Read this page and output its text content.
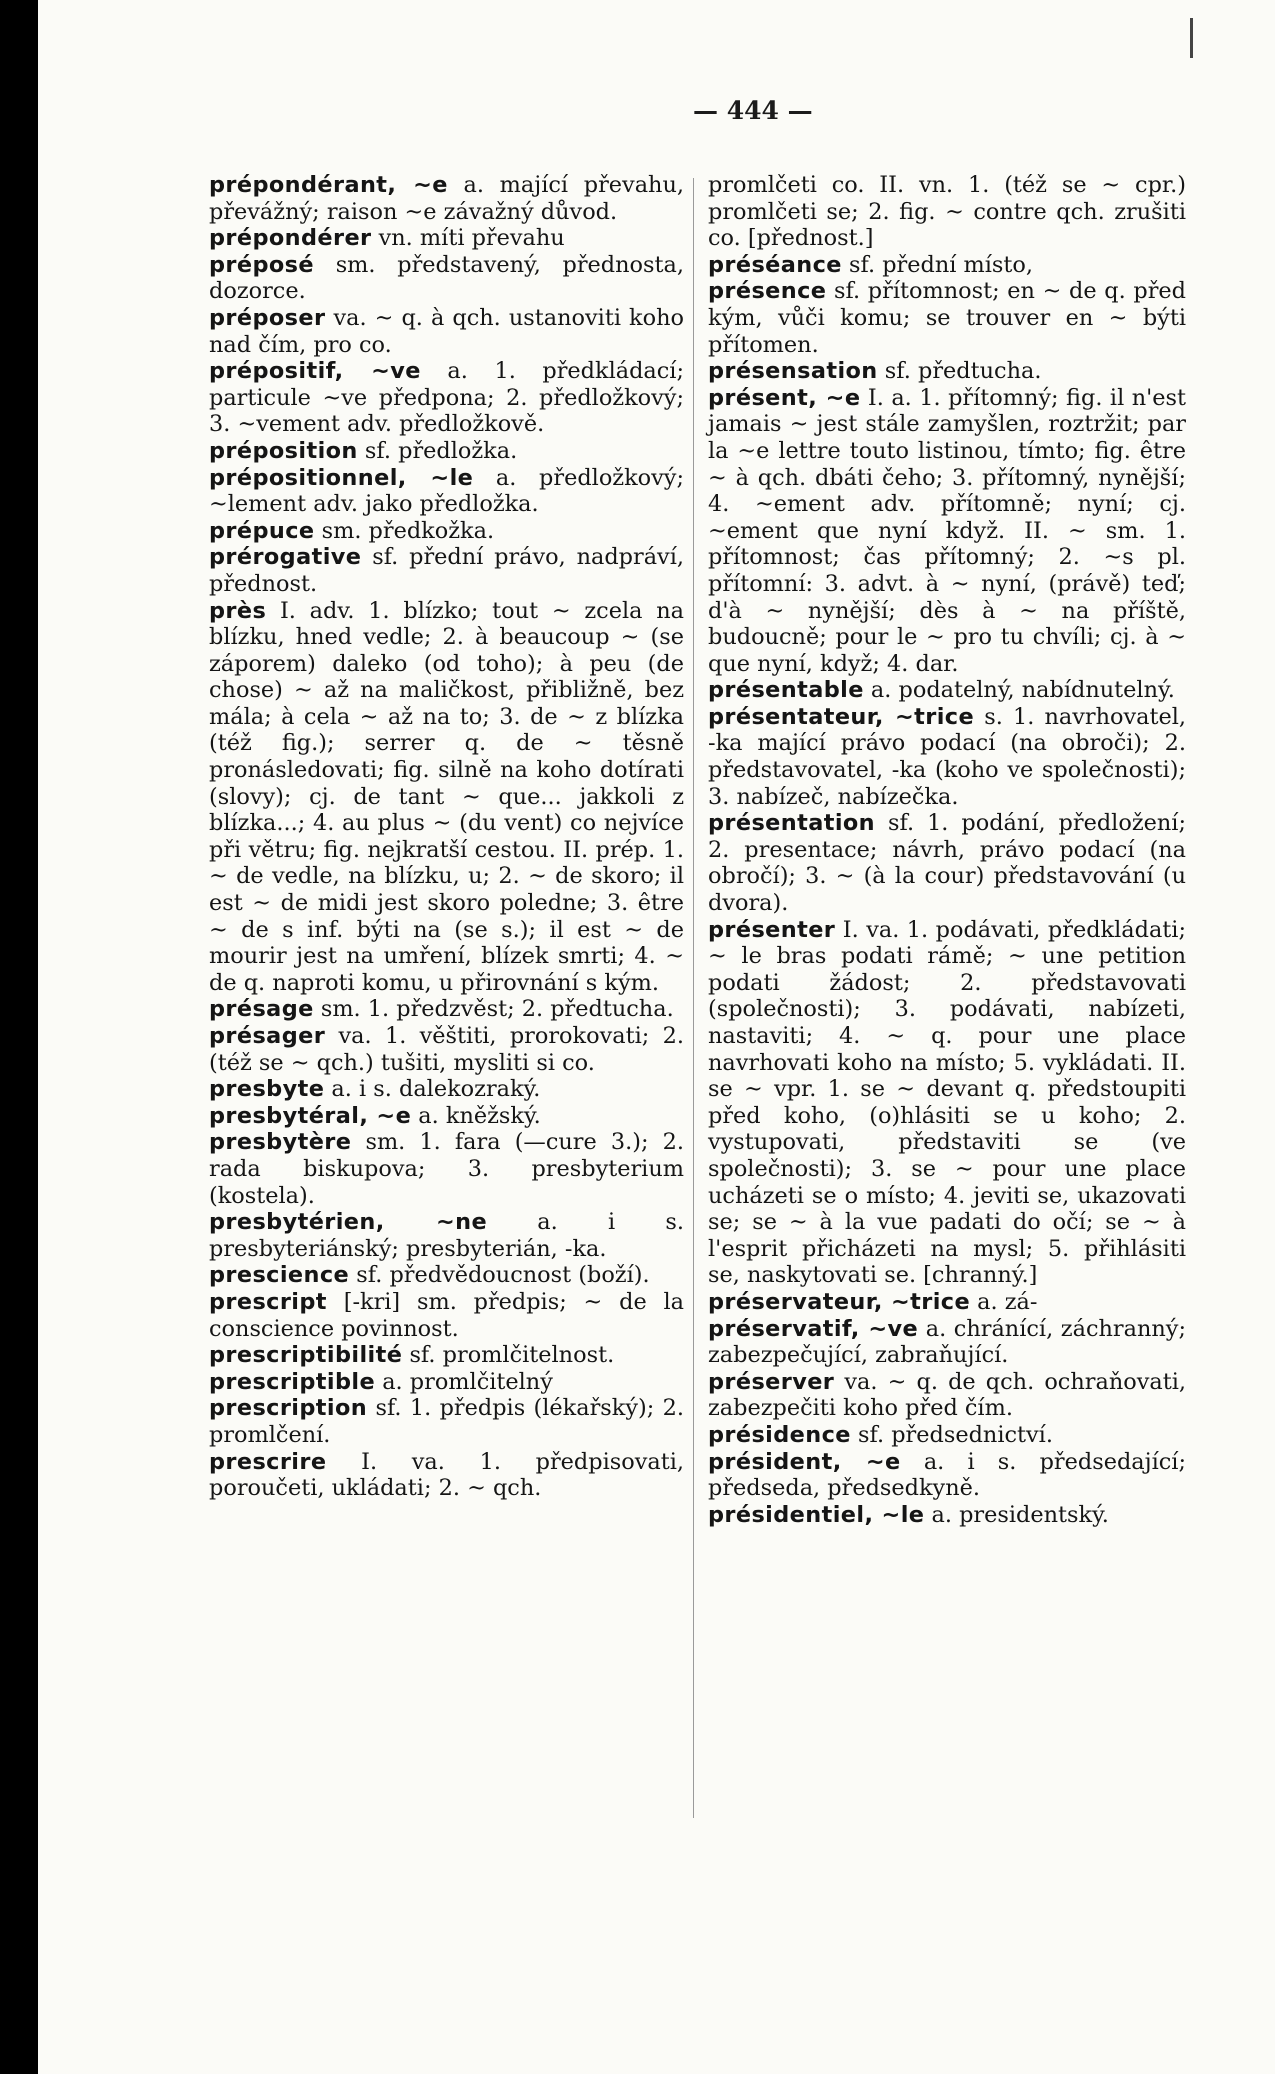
— 444 —

prépondérant, ~e a. mající převahu, převážný; raison ~e závažný důvod.

prépondérer vn. míti převahu

préposé sm. představený, přednosta, dozorce.

préposer va. ~ q. à qch. ustanoviti koho nad čím, pro co.

prépositif, ~ve a. 1. předkládací; particule ~ve předpona; 2. předložkový; 3. ~vement adv. předložkově.

préposition sf. předložka.

prépositionnel, ~le a. předložkový; ~lement adv. jako předložka.

prépuce sm. předkožka.

prérogative sf. přední právo, nadpráví, přednost.

près I. adv. 1. blízko; tout ~ zcela na blízku, hned vedle; 2. à beaucoup ~ (se záporem) daleko (od toho); à peu (de chose) ~ až na maličkost, přibližně, bez mála; à cela ~ až na to; 3. de ~ z blízka (též fig.); serrer q. de ~ těsně pronásledovati; fig. silně na koho dotírati (slovy); cj. de tant ~ que... jakkoli z blízka...; 4. au plus ~ (du vent) co nejvíce při větru; fig. nejkratší cestou. II. prép. 1. ~ de vedle, na blízku, u; 2. ~ de skoro; il est ~ de midi jest skoro poledne; 3. être ~ de s inf. býti na (se s.); il est ~ de mourir jest na umření, blízek smrti; 4. ~ de q. naproti komu, u přirovnání s kým.

présage sm. 1. předzvěst; 2. předtucha.

présager va. 1. věštiti, prorokovati; 2. (též se ~ qch.) tušiti, mysliti si co.

presbyte a. i s. dalekozraký.

presbytéral, ~e a. kněžský.

presbytère sm. 1. fara (—cure 3.); 2. rada biskupova; 3. presbyterium (kostela).

presbytérien, ~ne a. i s. presbyteriánský; presbyterián, -ka.

prescience sf. předvědoucnost (boží).

prescript [-kri] sm. předpis; ~ de la conscience povinnost.

prescriptibilité sf. promlčitelnost.

prescriptible a. promlčitelný

prescription sf. 1. předpis (lékařský); 2. promlčení.

prescrire I. va. 1. předpisovati, poroučeti, ukládati; 2. ~ qch.

promlčeti co. II. vn. 1. (též se ~ cpr.) promlčeti se; 2. fig. ~ contre qch. zrušiti co. [přednost.]

préséance sf. přední místo,

présence sf. přítomnost; en ~ de q. před kým, vůči komu; se trouver en ~ býti přítomen.

présensation sf. předtucha.

présent, ~e I. a. 1. přítomný; fig. il n'est jamais ~ jest stále zamyšlen, roztržit; par la ~e lettre touto listinou, tímto; fig. être ~ à qch. dbáti čeho; 3. přítomný, nynější; 4. ~ement adv. přítomně; nyní; cj. ~ement que nyní když. II. ~ sm. 1. přítomnost; čas přítomný; 2. ~s pl. přítomní: 3. advt. à ~ nyní, (právě) teď; d'à ~ nynější; dès à ~ na příště, budoucně; pour le ~ pro tu chvíli; cj. à ~ que nyní, když; 4. dar.

présentable a. podatelný, nabídnutelný.

présentateur, ~trice s. 1. navrhovatel, -ka mající právo podací (na obroči); 2. představovatel, -ka (koho ve společnosti); 3. nabízeč, nabízečka.

présentation sf. 1. podání, předložení; 2. presentace; návrh, právo podací (na obročí); 3. ~ (à la cour) představování (u dvora).

présenter I. va. 1. podávati, předkládati; ~ le bras podati rámě; ~ une petition podati žádost; 2. představovati (společnosti); 3. podávati, nabízeti, nastaviti; 4. ~ q. pour une place navrhovati koho na místo; 5. vykládati. II. se ~ vpr. 1. se ~ devant q. předstoupiti před koho, (o)hlásiti se u koho; 2. vystupovati, představiti se (ve společnosti); 3. se ~ pour une place ucházeti se o místo; 4. jeviti se, ukazovati se; se ~ à la vue padati do očí; se ~ à l'esprit přicházeti na mysl; 5. přihlásiti se, naskytovati se. [chranný.]

préservateur, ~trice a. zá-

préservatif, ~ve a. chránící, záchranný; zabezpečující, zabraňující.

préserver va. ~ q. de qch. ochraňovati, zabezpečiti koho před čím.

présidence sf. předsednictví.

président, ~e a. i s. předsedající; předseda, předsedkyně.

présidentiel, ~le a. presidentský.
